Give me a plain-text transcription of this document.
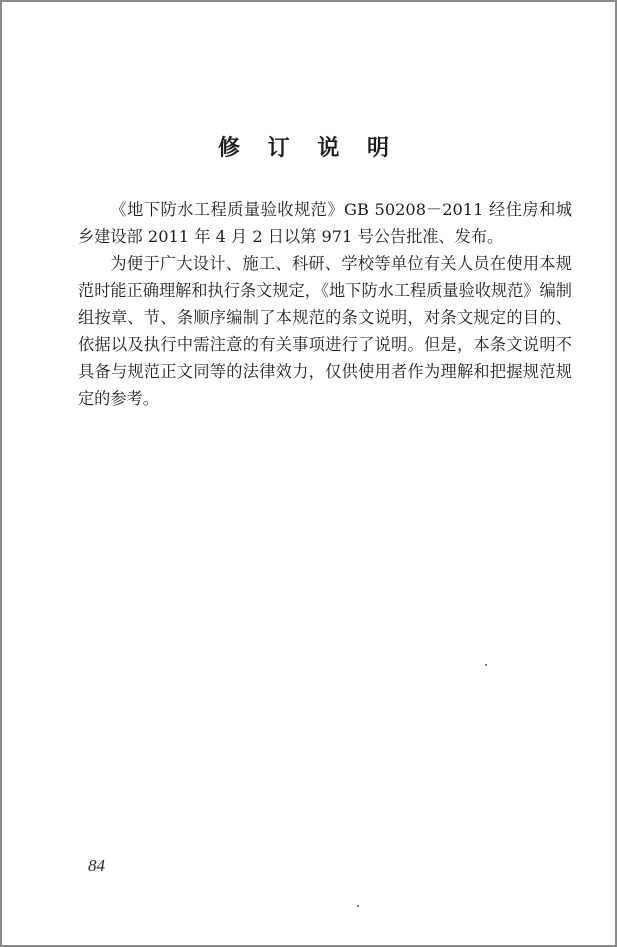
修 订 说 明

《地下防水工程质量验收规范》GB 50208－2011 经住房和城乡建设部 2011 年 4 月 2 日以第 971 号公告批准、发布。

为便于广大设计、施工、科研、学校等单位有关人员在使用本规范时能正确理解和执行条文规定，《地下防水工程质量验收规范》编制组按章、节、条顺序编制了本规范的条文说明，对条文规定的目的、依据以及执行中需注意的有关事项进行了说明。但是，本条文说明不具备与规范正文同等的法律效力，仅供使用者作为理解和把握规范规定的参考。

84
